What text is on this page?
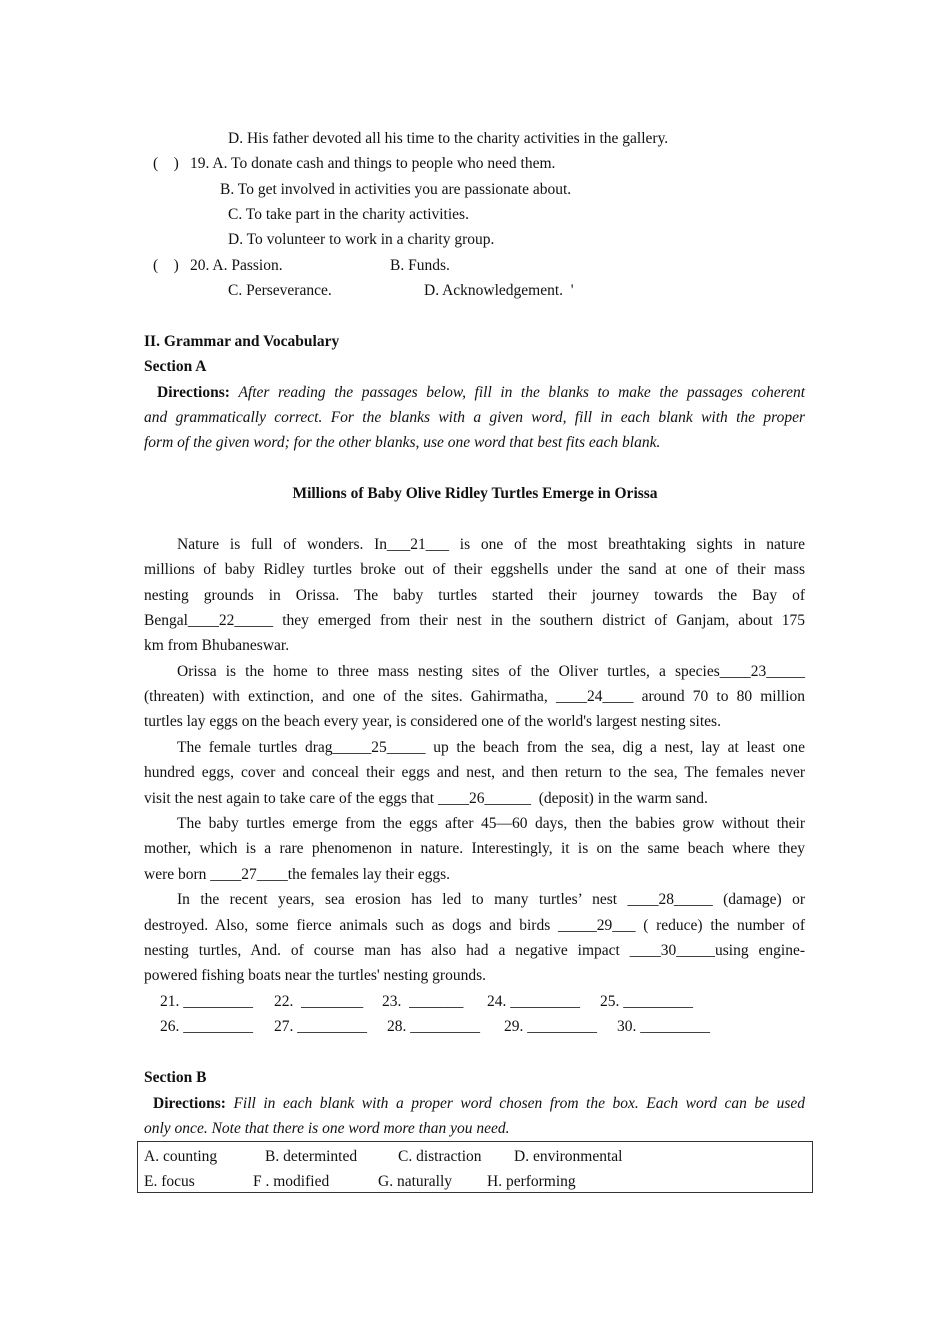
D. His father devoted all his time to the charity activities in the gallery.
(    ) 19. A. To donate cash and things to people who need them.
B. To get involved in activities you are passionate about.
C. To take part in the charity activities.
D. To volunteer to work in a charity group.
(    ) 20. A. Passion.	B. Funds.
C. Perseverance.	D. Acknowledgement.  '
II. Grammar and Vocabulary
Section A
Directions: After reading the passages below, fill in the blanks to make the passages coherent
and grammatically correct. For the blanks with a given word, fill in each blank with the proper
form of the given word; for the other blanks, use one word that best fits each blank.
Millions of Baby Olive Ridley Turtles Emerge in Orissa
Nature is full of wonders. In___21___ is one of the most breathtaking sights in nature
millions of baby Ridley turtles broke out of their eggshells under the sand at one of their mass
nesting grounds in Orissa. The baby turtles started their journey towards the Bay of
Bengal____22_____ they emerged from their nest in the southern district of Ganjam, about 175
km from Bhubaneswar.
Orissa is the home to three mass nesting sites of the Oliver turtles, a species____23_____
(threaten) with extinction, and one of the sites. Gahirmatha, ____24____ around 70 to 80 million
turtles lay eggs on the beach every year, is considered one of the world's largest nesting sites.
The female turtles drag_____25_____ up the beach from the sea, dig a nest, lay at least one
hundred eggs, cover and conceal their eggs and nest, and then return to the sea, The females never
visit the nest again to take care of the eggs that ____26______  (deposit) in the warm sand.
The baby turtles emerge from the eggs after 45—60 days, then the babies grow without their
mother, which is a rare phenomenon in nature. Interestingly, it is on the same beach where they
were born ____27____the females lay their eggs.
In the recent years, sea erosion has led to many turtles’ nest ____28_____ (damage) or
destroyed. Also, some fierce animals such as dogs and birds _____29___ ( reduce) the number of
nesting turtles, And. of course man has also had a negative impact ____30_____using engine-
powered fishing boats near the turtles' nesting grounds.
21. _________ 22.  ________ 23.  _______ 24. _________ 25. _________
26. _________ 27. _________ 28. _________ 29. _________ 30. _________
Section B
Directions: Fill in each blank with a proper word chosen from the box. Each word can be used
only once. Note that there is one word more than you need.
A. counting	B. determinted	C. distraction D. environmental
E. focus	F . modified	G. naturally H. performing
